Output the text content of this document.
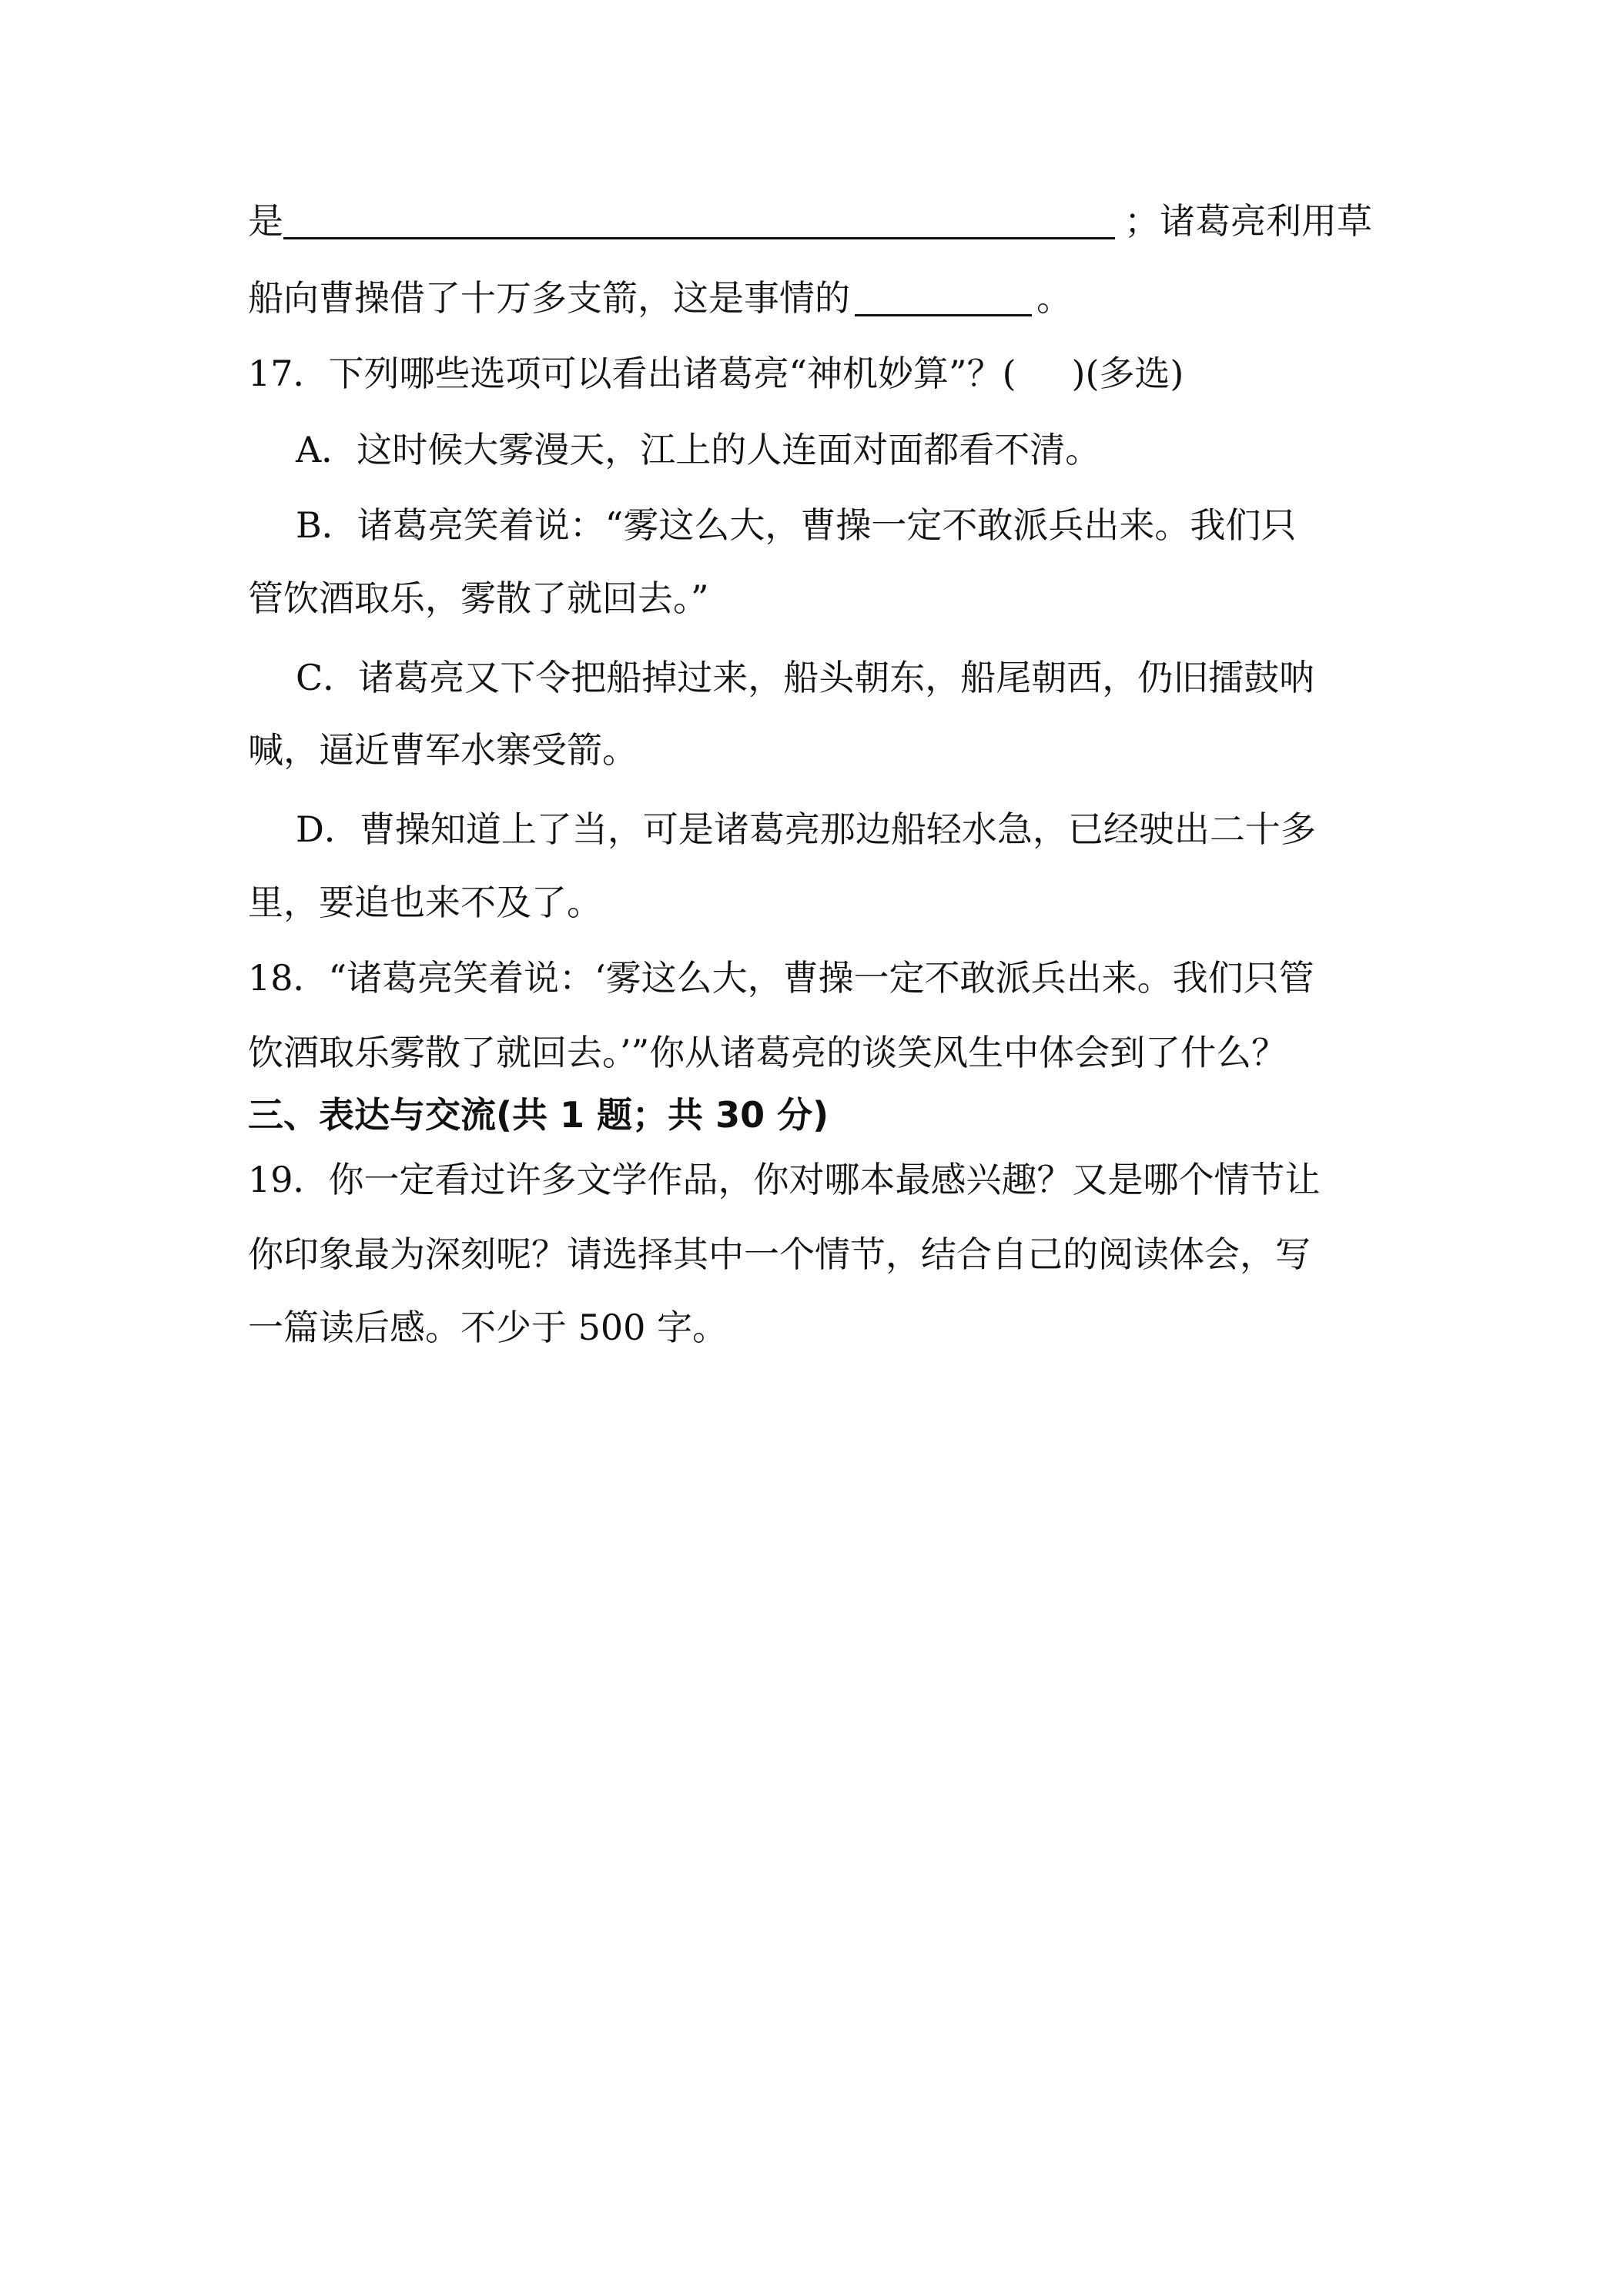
是	；诸葛亮利用草
船向曹操借了十万多支箭，这是事情的	。
17．下列哪些选项可以看出诸葛亮“神机妙算”？( )(多选)
A．这时候大雾漫天，江上的人连面对面都看不清。
B．诸葛亮笑着说：“雾这么大，曹操一定不敢派兵出来。我们只
管饮酒取乐，雾散了就回去。”
C．诸葛亮又下令把船掉过来，船头朝东，船尾朝西，仍旧擂鼓呐
喊，逼近曹军水寨受箭。
D．曹操知道上了当，可是诸葛亮那边船轻水急，已经驶出二十多
里，要追也来不及了。
18．“诸葛亮笑着说：‘雾这么大，曹操一定不敢派兵出来。我们只管
饮酒取乐雾散了就回去。’”你从诸葛亮的谈笑风生中体会到了什么？
三、表达与交流(共 1 题；共 30 分)
19．你一定看过许多文学作品，你对哪本最感兴趣？又是哪个情节让
你印象最为深刻呢？请选择其中一个情节，结合自己的阅读体会，写
一篇读后感。不少于 500 字。
